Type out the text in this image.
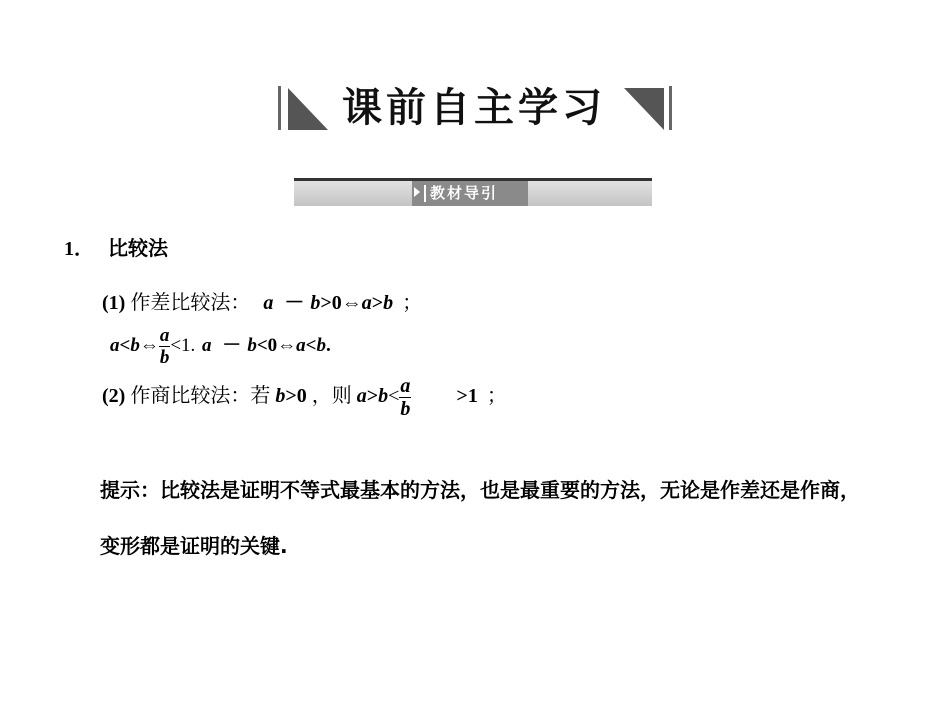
课前自主学习
教材导引
1． 比较法
(1) 作差比较法： a － b>0⇔a>b ；
a<b⇔ $\frac{a}{b} <1$. a － b<0⇔a<b.
(2) 作商比较法：若 b>0 ，则 $a>b< \frac{a}{b} >1$ ；
提示：比较法是证明不等式最基本的方法，也是最重要的方法，无论是作差还是作商，变形都是证明的关键.
